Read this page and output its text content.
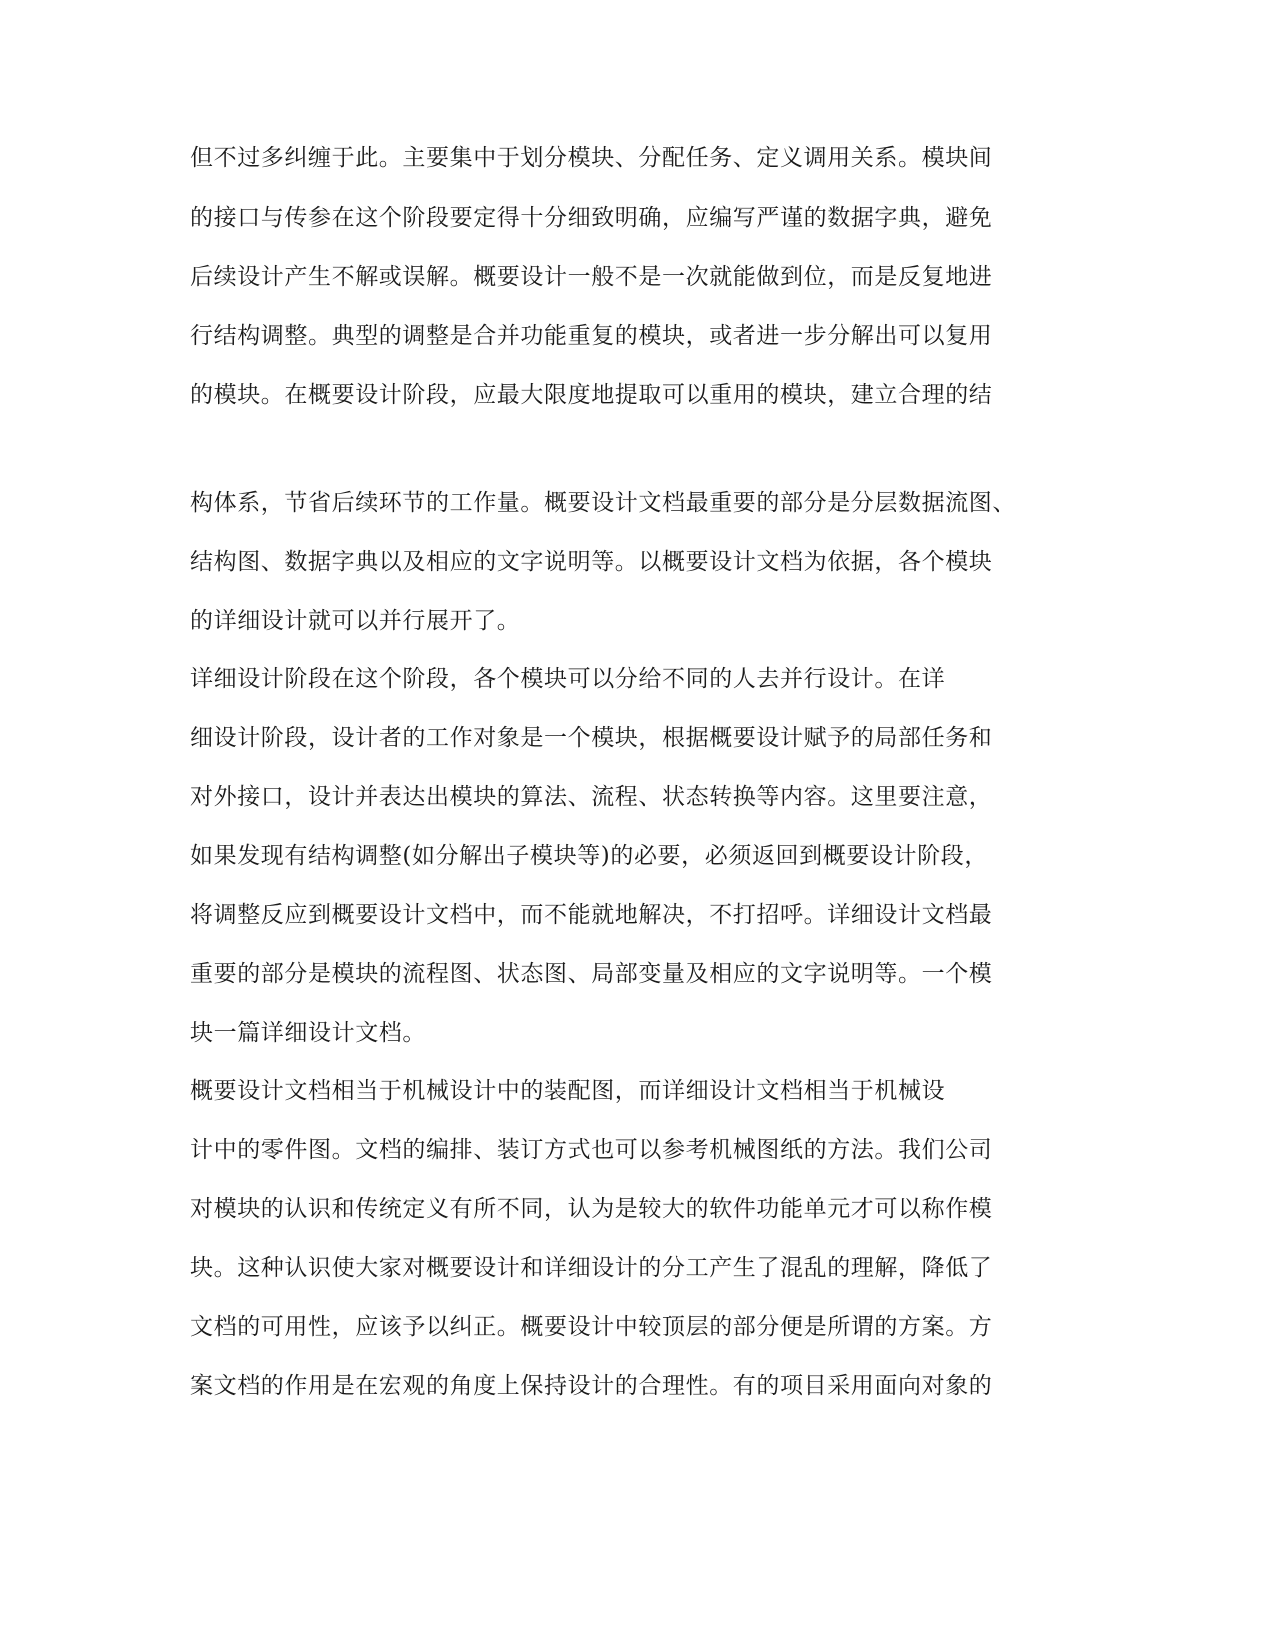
但不过多纠缠于此。主要集中于划分模块、分配任务、定义调用关系。模块间
的接口与传参在这个阶段要定得十分细致明确，应编写严谨的数据字典，避免
后续设计产生不解或误解。概要设计一般不是一次就能做到位，而是反复地进
行结构调整。典型的调整是合并功能重复的模块，或者进一步分解出可以复用
的模块。在概要设计阶段，应最大限度地提取可以重用的模块，建立合理的结
构体系，节省后续环节的工作量。概要设计文档最重要的部分是分层数据流图、
结构图、数据字典以及相应的文字说明等。以概要设计文档为依据，各个模块
的详细设计就可以并行展开了。
详细设计阶段在这个阶段，各个模块可以分给不同的人去并行设计。在详
细设计阶段，设计者的工作对象是一个模块，根据概要设计赋予的局部任务和
对外接口，设计并表达出模块的算法、流程、状态转换等内容。这里要注意，
如果发现有结构调整(如分解出子模块等)的必要，必须返回到概要设计阶段，
将调整反应到概要设计文档中，而不能就地解决，不打招呼。详细设计文档最
重要的部分是模块的流程图、状态图、局部变量及相应的文字说明等。一个模
块一篇详细设计文档。
概要设计文档相当于机械设计中的装配图，而详细设计文档相当于机械设
计中的零件图。文档的编排、装订方式也可以参考机械图纸的方法。我们公司
对模块的认识和传统定义有所不同，认为是较大的软件功能单元才可以称作模
块。这种认识使大家对概要设计和详细设计的分工产生了混乱的理解，降低了
文档的可用性，应该予以纠正。概要设计中较顶层的部分便是所谓的方案。方
案文档的作用是在宏观的角度上保持设计的合理性。有的项目采用面向对象的
